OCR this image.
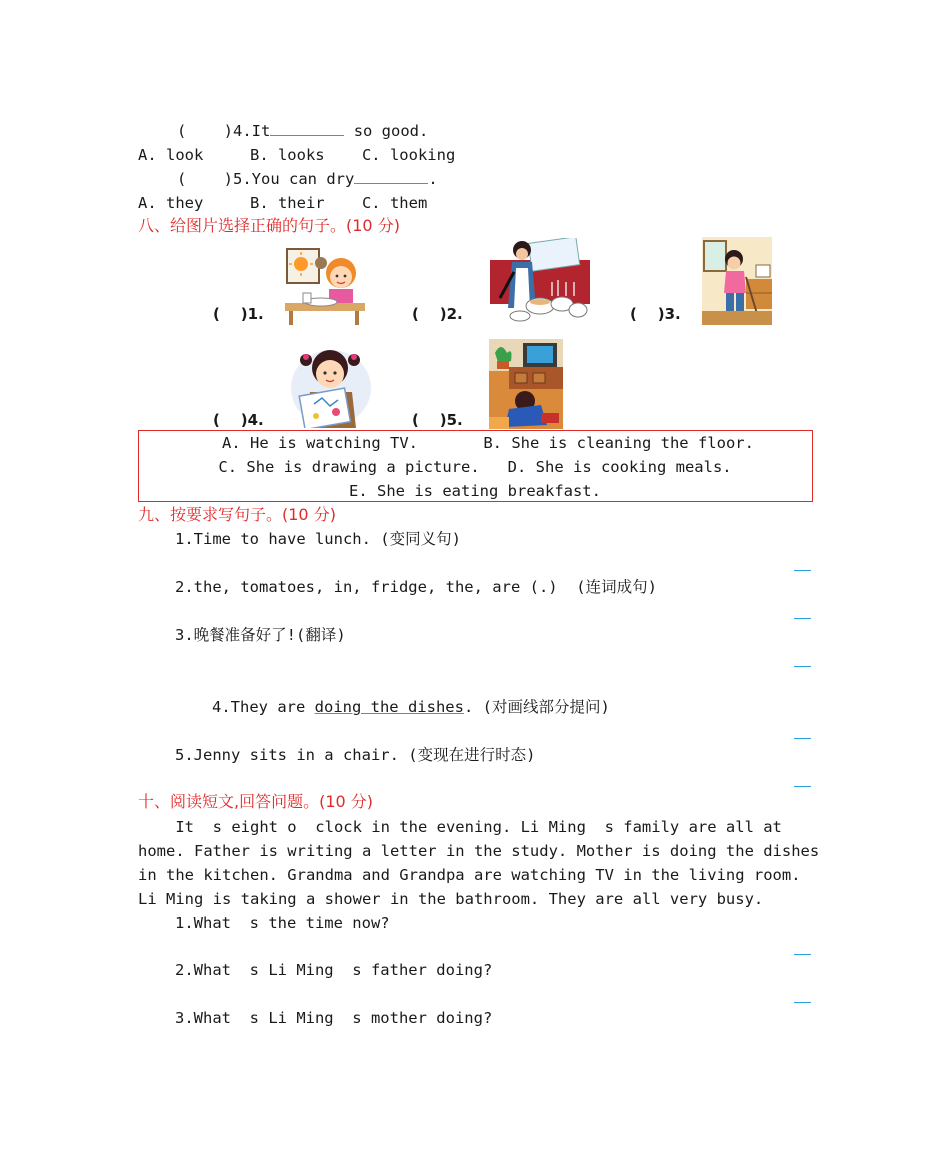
(    )4.It	so good.
A. look     B. looks    C. looking
(    )5.You can dry	.
A. they     B. their    C. them
八、给图片选择正确的句子。(10 分)
(    )1.	(    )2.	(    )3.
(    )4.	(    )5.
A. He is watching TV.       B. She is cleaning the floor.
C. She is drawing a picture.   D. She is cooking meals.
E. She is eating breakfast.
九、按要求写句子。(10 分)
1.Time to have lunch. (变同义句)
2.the, tomatoes, in, fridge, the, are (.)  (连词成句)
3.晚餐准备好了!(翻译)
4.They are doing the dishes. (对画线部分提问)
5.Jenny sits in a chair. (变现在进行时态)
十、阅读短文,回答问题。(10 分)
It  s eight o  clock in the evening. Li Ming  s family are all at
home. Father is writing a letter in the study. Mother is doing the dishes
in the kitchen. Grandma and Grandpa are watching TV in the living room.
Li Ming is taking a shower in the bathroom. They are all very busy.
1.What  s the time now?
2.What  s Li Ming  s father doing?
3.What  s Li Ming  s mother doing?
